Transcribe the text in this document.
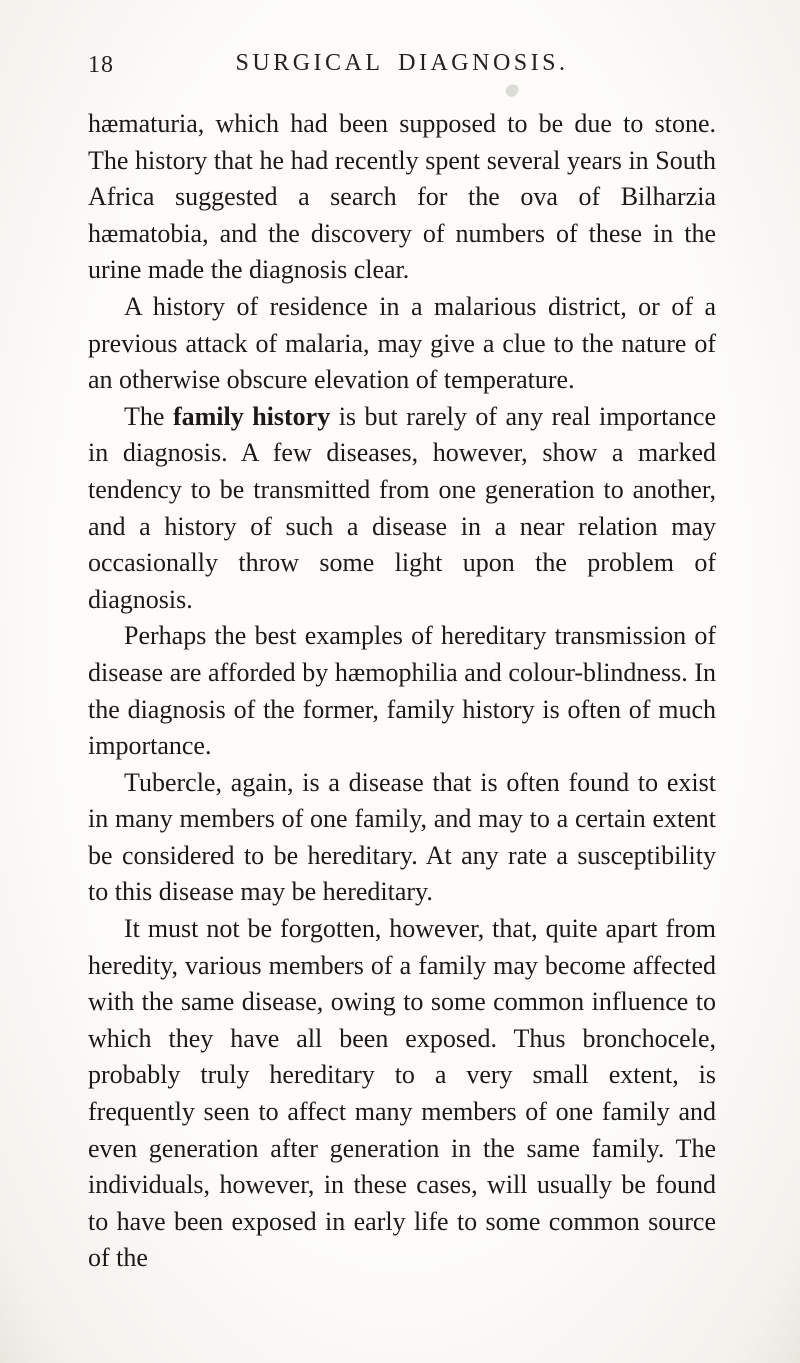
18	SURGICAL DIAGNOSIS.

hæmaturia, which had been supposed to be due to stone. The history that he had recently spent several years in South Africa suggested a search for the ova of Bilharzia hæmatobia, and the discovery of numbers of these in the urine made the diagnosis clear.

A history of residence in a malarious district, or of a previous attack of malaria, may give a clue to the nature of an otherwise obscure elevation of temperature.

The family history is but rarely of any real importance in diagnosis. A few diseases, however, show a marked tendency to be transmitted from one generation to another, and a history of such a disease in a near relation may occasionally throw some light upon the problem of diagnosis.

Perhaps the best examples of hereditary transmission of disease are afforded by hæmophilia and colour-blindness. In the diagnosis of the former, family history is often of much importance.

Tubercle, again, is a disease that is often found to exist in many members of one family, and may to a certain extent be considered to be hereditary. At any rate a susceptibility to this disease may be hereditary.

It must not be forgotten, however, that, quite apart from heredity, various members of a family may become affected with the same disease, owing to some common influence to which they have all been exposed. Thus bronchocele, probably truly hereditary to a very small extent, is frequently seen to affect many members of one family and even generation after generation in the same family. The individuals, however, in these cases, will usually be found to have been exposed in early life to some common source of the
